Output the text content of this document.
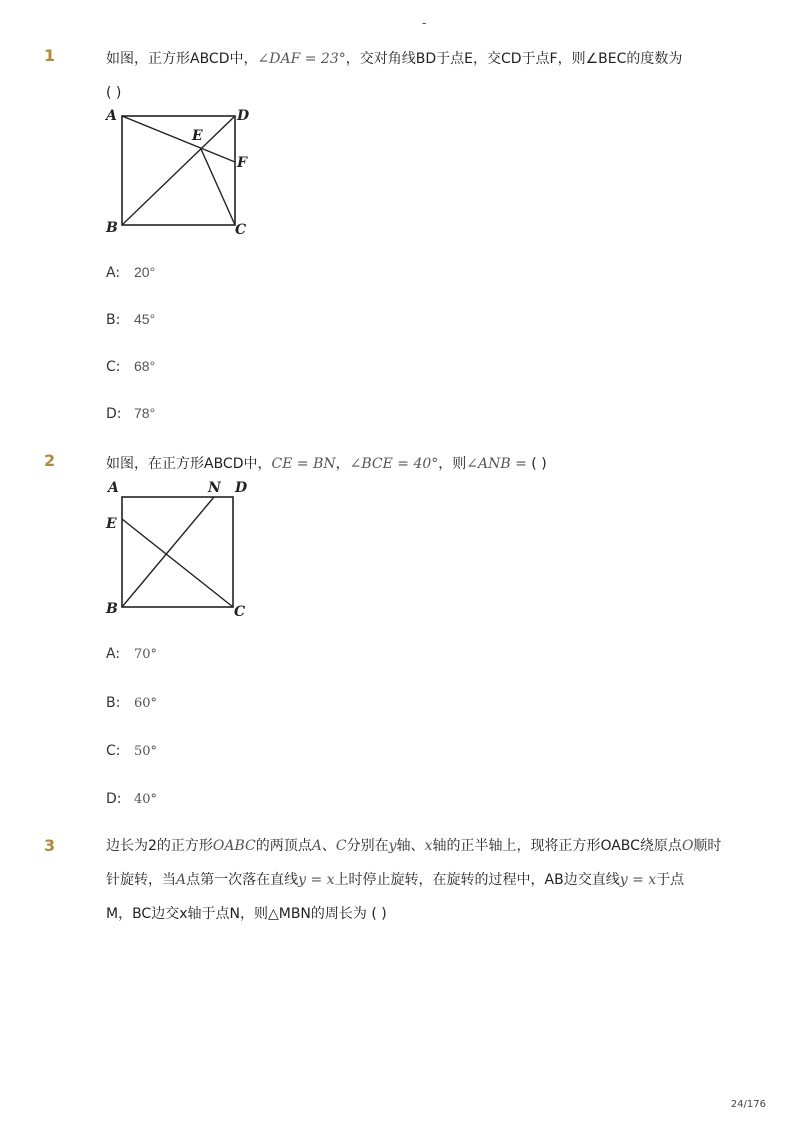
-
1	如图，正方形ABCD中，∠DAF = 23°，交对角线BD于点E，交CD于点F，则∠BEC的度数为
( )
A	D
E
F
B	C
A: 20°
B: 45°
C: 68°
D: 78°
2	如图，在正方形ABCD中，CE = BN，∠BCE = 40°，则∠ANB = ( )
A	N D
E
B	C
A: 70°
B: 60°
C: 50°
D: 40°
3	边长为2的正方形OABC的两顶点A、C分别在y轴、x轴的正半轴上，现将正方形OABC绕原点O顺时
针旋转，当A点第一次落在直线y = x上时停止旋转，在旋转的过程中，AB边交直线y = x于点
M，BC边交x轴于点N，则△MBN的周长为 ( )
24/176
